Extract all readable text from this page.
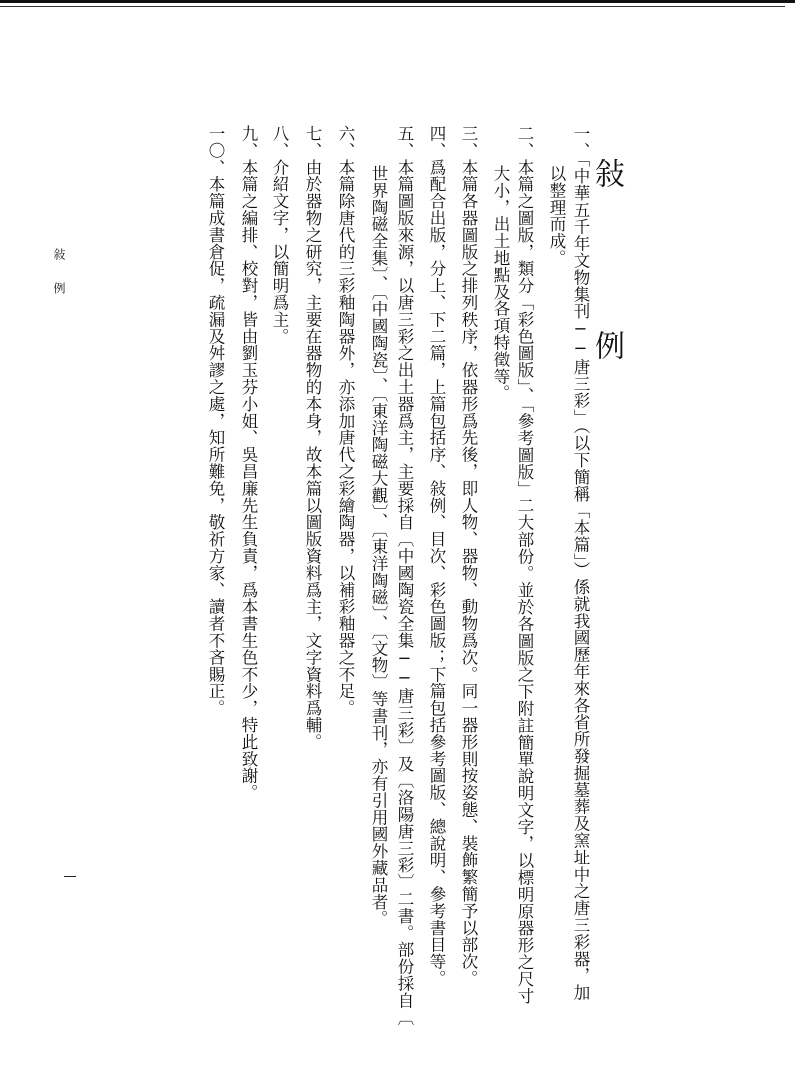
敍　例
一、「中華五千年文物集刊──唐三彩」（以下簡稱「本篇」）係就我國歷年來各省所發掘墓葬及窯址中之唐三彩器，加
以整理而成。
二、本篇之圖版，類分「彩色圖版」、「參考圖版」二大部份。並於各圖版之下附註簡單說明文字，以標明原器形之尺寸
大小，出土地點及各項特徵等。
三、本篇各器圖版之排列秩序，依器形爲先後，即人物、器物、動物爲次。同一器形則按姿態、裝飾繁簡予以部次。
四、爲配合出版，分上、下二篇，上篇包括序、敍例、目次、彩色圖版；下篇包括參考圖版、總說明、參考書目等。
五、本篇圖版來源，以唐三彩之出土器爲主，主要採自〔中國陶瓷全集──唐三彩〕及〔洛陽唐三彩〕二書。部份採自〔
世界陶磁全集〕、〔中國陶瓷〕、〔東洋陶磁大觀〕、〔東洋陶磁〕、〔文物〕等書刊，亦有引用國外藏品者。
六、本篇除唐代的三彩釉陶器外，亦添加唐代之彩繪陶器，以補彩釉器之不足。
七、由於器物之研究，主要在器物的本身，故本篇以圖版資料爲主，文字資料爲輔。
八、介紹文字，以簡明爲主。
九、本篇之編排、校對，皆由劉玉芬小姐、吳昌廉先生負責，爲本書生色不少，特此致謝。
一〇、本篇成書倉促，疏漏及舛謬之處，知所難免，敬祈方家、讀者不吝賜正。
敍例
